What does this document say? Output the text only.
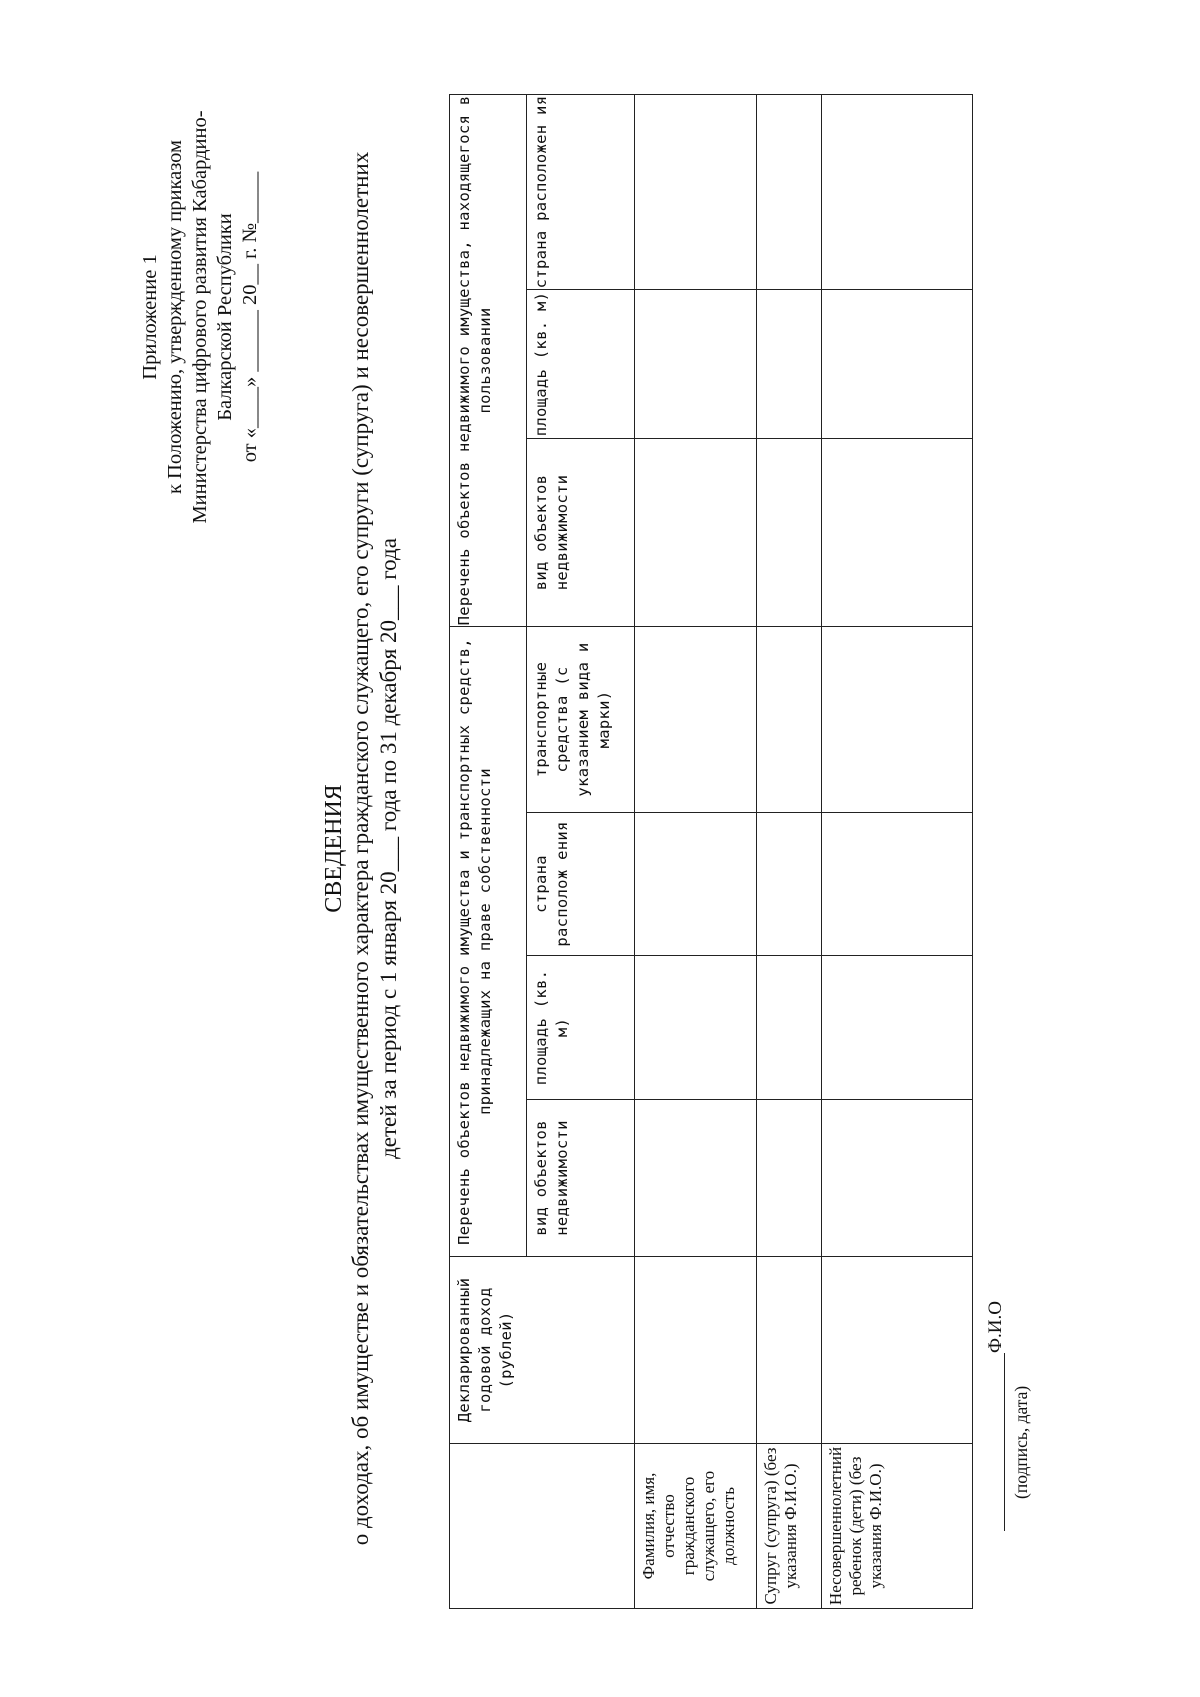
Приложение 1 к Положению, утвержденному приказом Министерства цифрового развития Кабардино- Балкарской Республики от «____» ______ 20__ г. №_____
СВЕДЕНИЯ о доходах, об имуществе и обязательствах имущественного характера гражданского служащего, его супруги (супруга) и несовершеннолетних детей за период с 1 января 20___ года по 31 декабря 20___ года
	Декларированный годовой доход (рублей)	Перечень объектов недвижимого имущества и транспортных средств, принадлежащих на праве собственности				Перечень объектов недвижимого имущества, находящегося в пользовании		
		вид объектов недвижимости	площадь (кв. м)	страна располож ения	транспортные средства (с указанием вида и марки)	вид объектов недвижимости	площадь (кв. м)	страна расположен ия
Фамилия, имя, отчество гражданского служащего, его должность								
Супруг (супруга) (без указания Ф.И.О.)								
Несовершеннолетний ребенок (дети) (без указания Ф.И.О.)								
Ф.И.О
(подпись, дата)
